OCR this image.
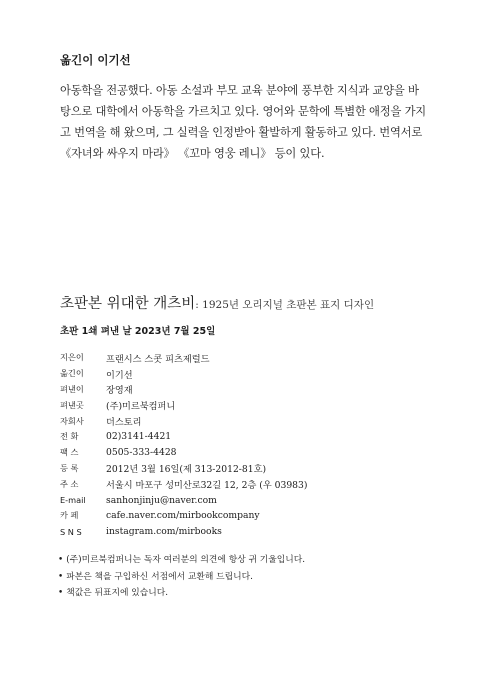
옮긴이 이기선

아동학을 전공했다. 아동 소설과 부모 교육 분야에 풍부한 지식과 교양을 바

탕으로 대학에서 아동학을 가르치고 있다. 영어와 문학에 특별한 애정을 가지

고 번역을 해 왔으며, 그 실력을 인정받아 활발하게 활동하고 있다. 번역서로

《자녀와 싸우지 마라》 《꼬마 영웅 레니》 등이 있다.

초판본 위대한 개츠비: 1925년 오리지널 초판본 표지 디자인

초판 1쇄 펴낸 날 2023년 7월 25일

지은이	프랜시스 스콧 피츠제럴드
옮긴이	이기선
펴낸이	장영재
펴낸곳	(주)미르북컴퍼니
자회사	더스토리
전 화	02)3141-4421
팩 스	0505-333-4428
등 록	2012년 3월 16일(제 313-2012-81호)
주 소	서울시 마포구 성미산로32길 12, 2층 (우 03983)
E-mail	sanhonjinju@naver.com
카 페	cafe.naver.com/mirbookcompany
S N S	instagram.com/mirbooks
• (주)미르북컴퍼니는 독자 여러분의 의견에 항상 귀 기울입니다.
• 파본은 책을 구입하신 서점에서 교환해 드립니다.
• 책값은 뒤표지에 있습니다.
